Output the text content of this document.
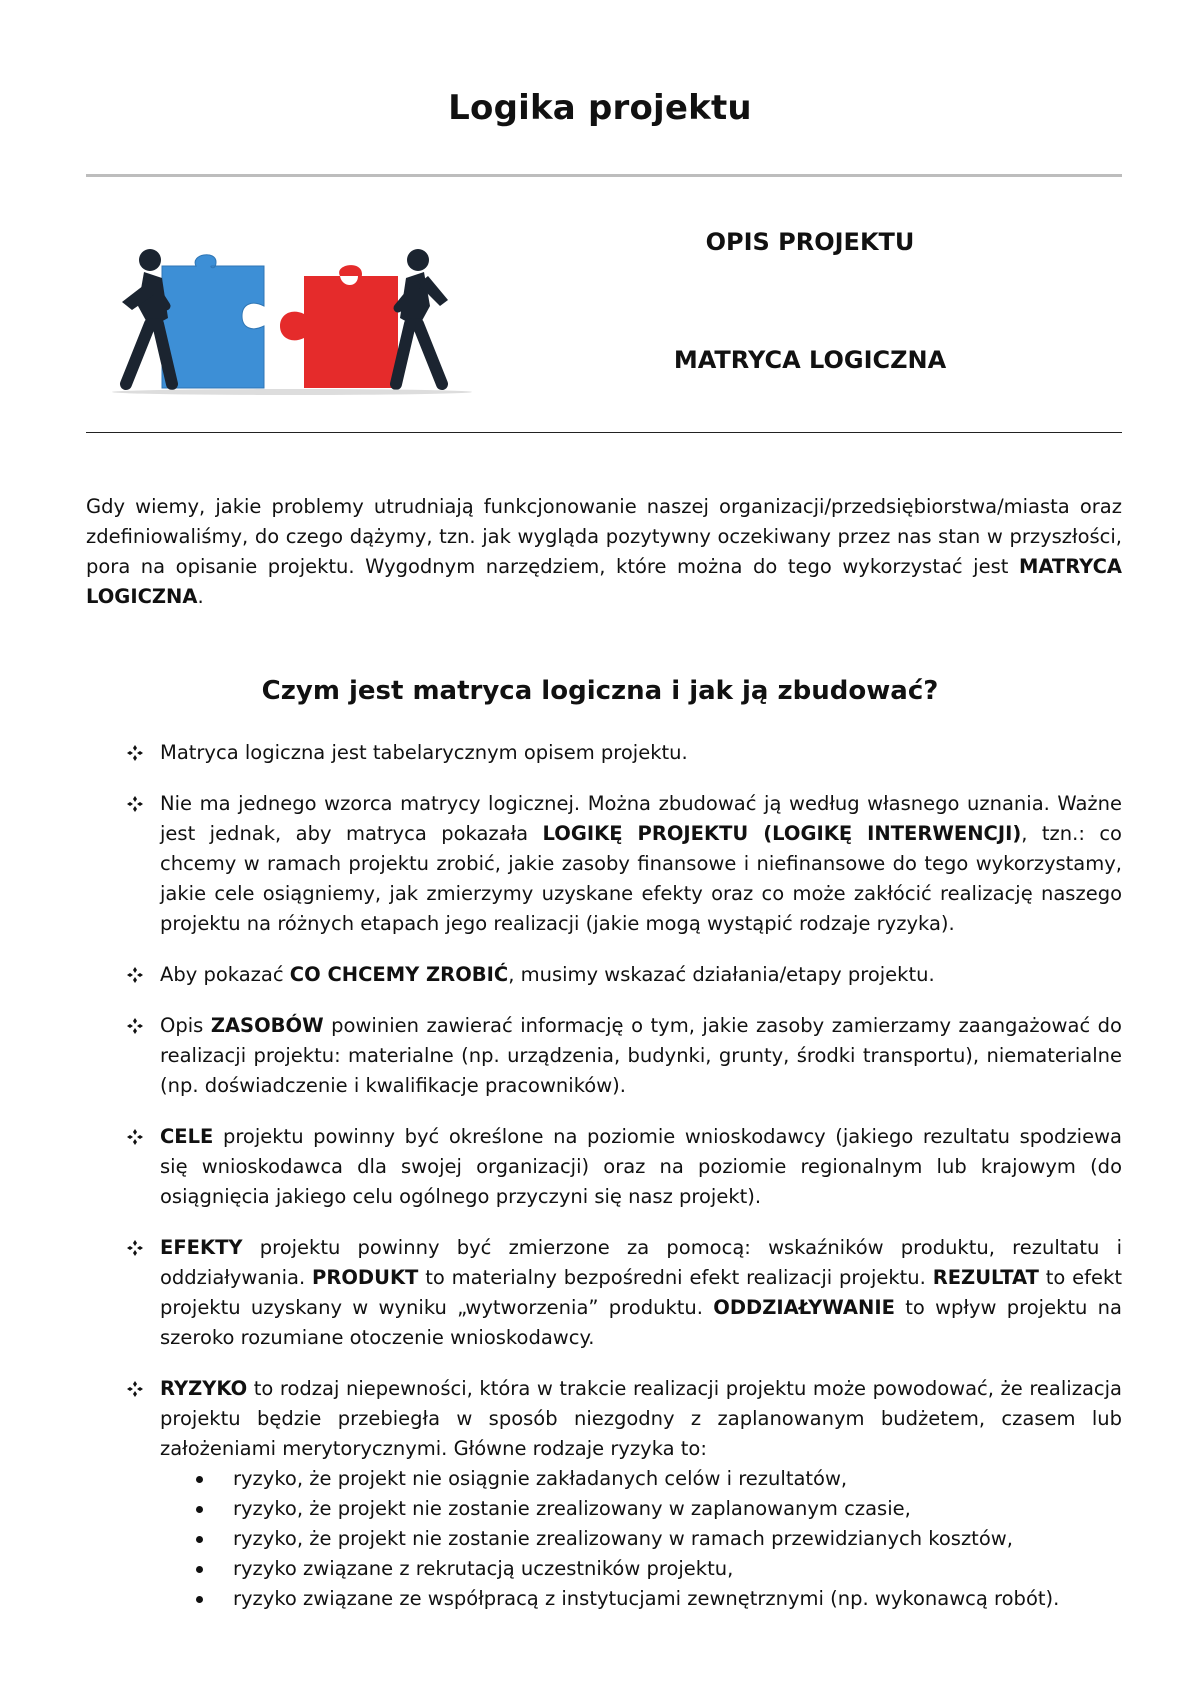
Logika projektu
OPIS PROJEKTU
MATRYCA LOGICZNA

Gdy wiemy, jakie problemy utrudniają funkcjonowanie naszej organizacji/przedsiębiorstwa/miasta oraz zdefiniowaliśmy, do czego dążymy, tzn. jak wygląda pozytywny oczekiwany przez nas stan w przyszłości, pora na opisanie projektu. Wygodnym narzędziem, które można do tego wykorzystać jest MATRYCA LOGICZNA.

Czym jest matryca logiczna i jak ją zbudować?
Matryca logiczna jest tabelarycznym opisem projektu.
Nie ma jednego wzorca matrycy logicznej. Można zbudować ją według własnego uznania. Ważne jest jednak, aby matryca pokazała LOGIKĘ PROJEKTU (LOGIKĘ INTERWENCJI), tzn.: co chcemy w ramach projektu zrobić, jakie zasoby finansowe i niefinansowe do tego wykorzystamy, jakie cele osiągniemy, jak zmierzymy uzyskane efekty oraz co może zakłócić realizację naszego projektu na różnych etapach jego realizacji (jakie mogą wystąpić rodzaje ryzyka).
Aby pokazać CO CHCEMY ZROBIĆ, musimy wskazać działania/etapy projektu.
Opis ZASOBÓW powinien zawierać informację o tym, jakie zasoby zamierzamy zaangażować do realizacji projektu: materialne (np. urządzenia, budynki, grunty, środki transportu), niematerialne (np. doświadczenie i kwalifikacje pracowników).
CELE projektu powinny być określone na poziomie wnioskodawcy (jakiego rezultatu spodziewa się wnioskodawca dla swojej organizacji) oraz na poziomie regionalnym lub krajowym (do osiągnięcia jakiego celu ogólnego przyczyni się nasz projekt).
EFEKTY projektu powinny być zmierzone za pomocą: wskaźników produktu, rezultatu i oddziaływania. PRODUKT to materialny bezpośredni efekt realizacji projektu. REZULTAT to efekt projektu uzyskany w wyniku „wytworzenia” produktu. ODDZIAŁYWANIE to wpływ projektu na szeroko rozumiane otoczenie wnioskodawcy.
RYZYKO to rodzaj niepewności, która w trakcie realizacji projektu może powodować, że realizacja projektu będzie przebiegła w sposób niezgodny z zaplanowanym budżetem, czasem lub założeniami merytorycznymi. Główne rodzaje ryzyka to:
ryzyko, że projekt nie osiągnie zakładanych celów i rezultatów,
ryzyko, że projekt nie zostanie zrealizowany w zaplanowanym czasie,
ryzyko, że projekt nie zostanie zrealizowany w ramach przewidzianych kosztów,
ryzyko związane z rekrutacją uczestników projektu,
ryzyko związane ze współpracą z instytucjami zewnętrznymi (np. wykonawcą robót).
